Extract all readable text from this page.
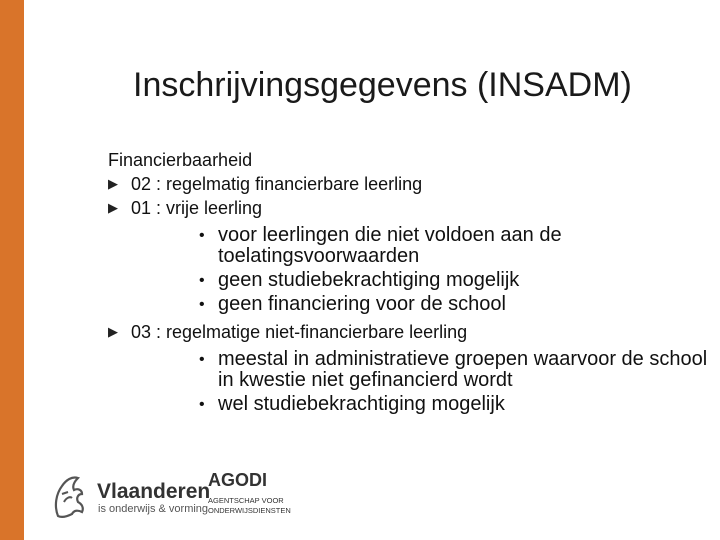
Inschrijvingsgegevens (INSADM)
Financierbaarheid
▶ 02 : regelmatig financierbare leerling
▶ 01 : vrije leerling
• voor leerlingen die niet voldoen aan de toelatingsvoorwaarden
• geen studiebekrachtiging mogelijk
• geen financiering voor de school
▶ 03 : regelmatige niet-financierbare leerling
• meestal in administratieve groepen waarvoor de school in kwestie niet gefinancierd wordt
• wel studiebekrachtiging mogelijk
Vlaanderen
is onderwijs & vorming
AGODI
AGENTSCHAP VOOR ONDERWIJSDIENSTEN
